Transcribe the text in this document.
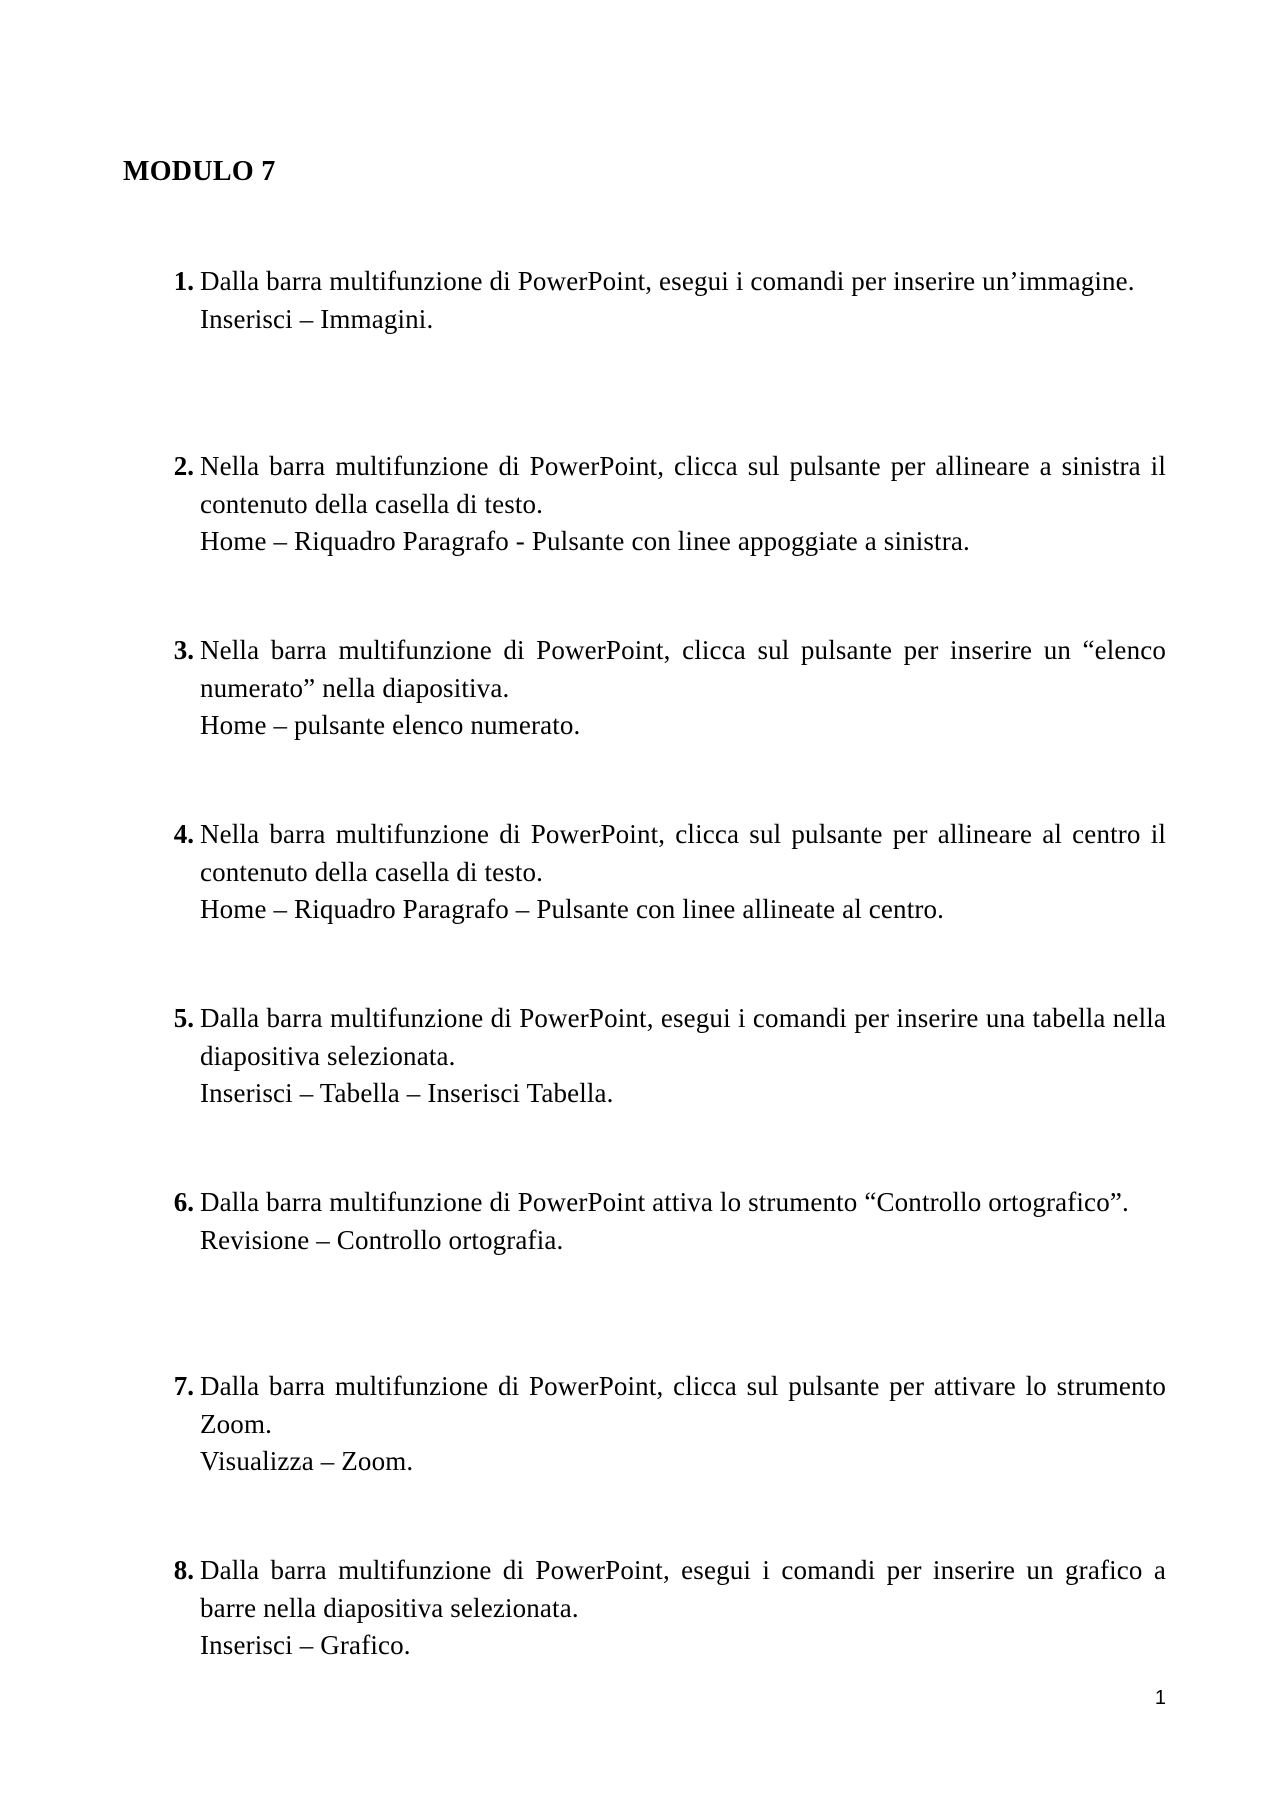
MODULO 7
1. Dalla barra multifunzione di PowerPoint, esegui i comandi per inserire un’immagine.
Inserisci – Immagini.
2. Nella barra multifunzione di PowerPoint, clicca sul pulsante per allineare a sinistra il contenuto della casella di testo.
Home – Riquadro Paragrafo - Pulsante con linee appoggiate a sinistra.
3. Nella barra multifunzione di PowerPoint, clicca sul pulsante per inserire un “elenco numerato” nella diapositiva.
Home – pulsante elenco numerato.
4. Nella barra multifunzione di PowerPoint, clicca sul pulsante per allineare al centro il contenuto della casella di testo.
Home – Riquadro Paragrafo – Pulsante con linee allineate al centro.
5. Dalla barra multifunzione di PowerPoint, esegui i comandi per inserire una tabella nella diapositiva selezionata.
Inserisci – Tabella – Inserisci Tabella.
6. Dalla barra multifunzione di PowerPoint attiva lo strumento “Controllo ortografico”.
Revisione – Controllo ortografia.
7. Dalla barra multifunzione di PowerPoint, clicca sul pulsante per attivare lo strumento Zoom.
Visualizza – Zoom.
8. Dalla barra multifunzione di PowerPoint, esegui i comandi per inserire un grafico a barre nella diapositiva selezionata.
Inserisci – Grafico.
1
